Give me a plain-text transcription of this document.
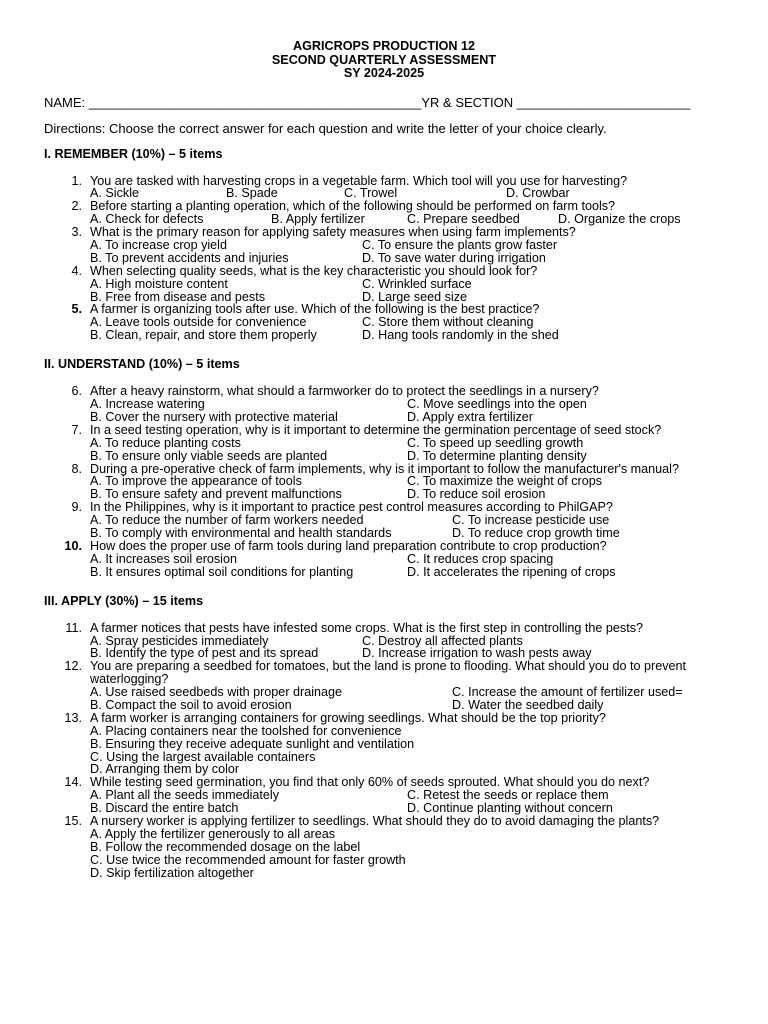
AGRICROPS PRODUCTION 12
SECOND QUARTERLY ASSESSMENT
SY 2024-2025
NAME: ______________________________________________ YR & SECTION ________________________
Directions: Choose the correct answer for each question and write the letter of your choice clearly.
I. REMEMBER (10%) – 5 items
1. You are tasked with harvesting crops in a vegetable farm. Which tool will you use for harvesting?
A. Sickle	B. Spade	C. Trowel	D. Crowbar
2. Before starting a planting operation, which of the following should be performed on farm tools?
A. Check for defects	B. Apply fertilizer	C. Prepare seedbed	D. Organize the crops
3. What is the primary reason for applying safety measures when using farm implements?
A. To increase crop yield	C. To ensure the plants grow faster
B. To prevent accidents and injuries	D. To save water during irrigation
4. When selecting quality seeds, what is the key characteristic you should look for?
A. High moisture content	C. Wrinkled surface
B. Free from disease and pests	D. Large seed size
5. A farmer is organizing tools after use. Which of the following is the best practice?
A. Leave tools outside for convenience	C. Store them without cleaning
B. Clean, repair, and store them properly	D. Hang tools randomly in the shed
II. UNDERSTAND (10%) – 5 items
6. After a heavy rainstorm, what should a farmworker do to protect the seedlings in a nursery?
A. Increase watering	C. Move seedlings into the open
B. Cover the nursery with protective material	D. Apply extra fertilizer
7. In a seed testing operation, why is it important to determine the germination percentage of seed stock?
A. To reduce planting costs	C. To speed up seedling growth
B. To ensure only viable seeds are planted	D. To determine planting density
8. During a pre-operative check of farm implements, why is it important to follow the manufacturer's manual?
A. To improve the appearance of tools	C. To maximize the weight of crops
B. To ensure safety and prevent malfunctions	D. To reduce soil erosion
9. In the Philippines, why is it important to practice pest control measures according to PhilGAP?
A. To reduce the number of farm workers needed	C. To increase pesticide use
B. To comply with environmental and health standards	D. To reduce crop growth time
10. How does the proper use of farm tools during land preparation contribute to crop production?
A. It increases soil erosion	C. It reduces crop spacing
B. It ensures optimal soil conditions for planting	D. It accelerates the ripening of crops
III. APPLY (30%) – 15 items
11. A farmer notices that pests have infested some crops. What is the first step in controlling the pests?
A. Spray pesticides immediately	C. Destroy all affected plants
B. Identify the type of pest and its spread	D. Increase irrigation to wash pests away
12. You are preparing a seedbed for tomatoes, but the land is prone to flooding. What should you do to prevent waterlogging?
A. Use raised seedbeds with proper drainage	C. Increase the amount of fertilizer used=
B. Compact the soil to avoid erosion	D. Water the seedbed daily
13. A farm worker is arranging containers for growing seedlings. What should be the top priority?
A. Placing containers near the toolshed for convenience
B. Ensuring they receive adequate sunlight and ventilation
C. Using the largest available containers
D. Arranging them by color
14. While testing seed germination, you find that only 60% of seeds sprouted. What should you do next?
A. Plant all the seeds immediately	C. Retest the seeds or replace them
B. Discard the entire batch	D. Continue planting without concern
15. A nursery worker is applying fertilizer to seedlings. What should they do to avoid damaging the plants?
A. Apply the fertilizer generously to all areas
B. Follow the recommended dosage on the label
C. Use twice the recommended amount for faster growth
D. Skip fertilization altogether
